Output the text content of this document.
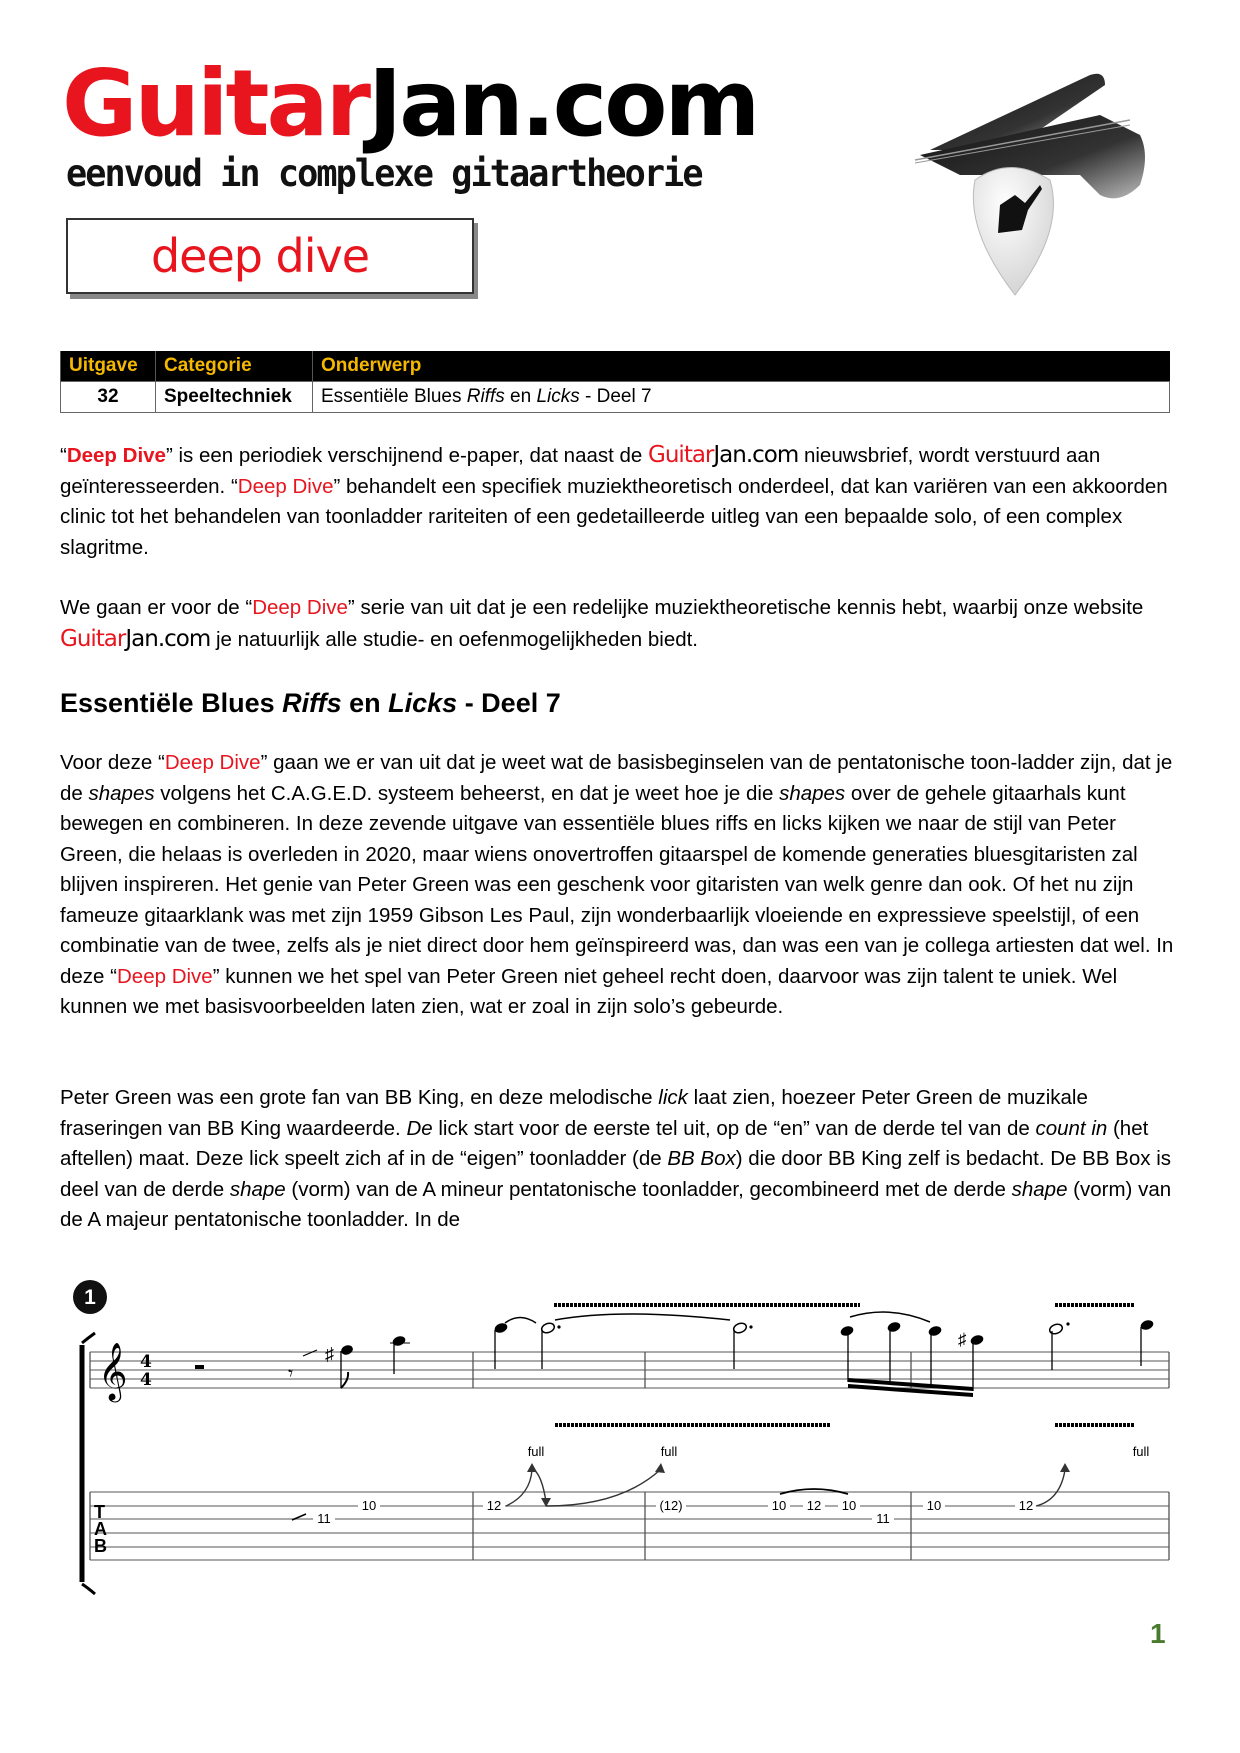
GuitarJan.com
eenvoud in complexe gitaartheorie
deep dive
Uitgave	Categorie	Onderwerp
32	Speeltechniek	Essentiële Blues Riffs en Licks - Deel 7
“Deep Dive” is een periodiek verschijnend e-paper, dat naast de GuitarJan.com nieuwsbrief, wordt verstuurd aan geïnteresseerden. “Deep Dive” behandelt een specifiek muziektheoretisch onderdeel, dat kan variëren van een akkoorden clinic tot het behandelen van toonladder rariteiten of een gedetailleerde uitleg van een bepaalde solo, of een complex slagritme.
We gaan er voor de “Deep Dive” serie van uit dat je een redelijke muziektheoretische kennis hebt, waarbij onze website GuitarJan.com je natuurlijk alle studie- en oefenmogelijkheden biedt.
Essentiële Blues Riffs en Licks - Deel 7
Voor deze “Deep Dive” gaan we er van uit dat je weet wat de basisbeginselen van de pentatonische toon-ladder zijn, dat je de shapes volgens het C.A.G.E.D. systeem beheerst, en dat je weet hoe je die shapes over de gehele gitaarhals kunt bewegen en combineren. In deze zevende uitgave van essentiële blues riffs en licks kijken we naar de stijl van Peter Green, die helaas is overleden in 2020, maar wiens onovertroffen gitaarspel de komende generaties bluesgitaristen zal blijven inspireren. Het genie van Peter Green was een geschenk voor gitaristen van welk genre dan ook. Of het nu zijn fameuze gitaarklank was met zijn 1959 Gibson Les Paul, zijn wonderbaarlijk vloeiende en expressieve speelstijl, of een combinatie van de twee, zelfs als je niet direct door hem geïnspireerd was, dan was een van je collega artiesten dat wel. In deze “Deep Dive” kunnen we het spel van Peter Green niet geheel recht doen, daarvoor was zijn talent te uniek. Wel kunnen we met basisvoorbeelden laten zien, wat er zoal in zijn solo’s gebeurde.
Peter Green was een grote fan van BB King, en deze melodische lick laat zien, hoezeer Peter Green de muzikale fraseringen van BB King waardeerde. De lick start voor de eerste tel uit, op de “en” van de derde tel van de count in (het aftellen) maat. Deze lick speelt zich af in de “eigen” toonladder (de BB Box) die door BB King zelf is bedacht. De BB Box is deel van de derde shape (vorm) van de A mineur pentatonische toonladder, gecombineerd met de derde shape (vorm) van de A majeur pentatonische toonladder. In de
1
𝄞 4
4	𝄾
♯
♯
full	full	full
T
A
B
11
10	12	(12)	10 12 10
11
10	12
1
